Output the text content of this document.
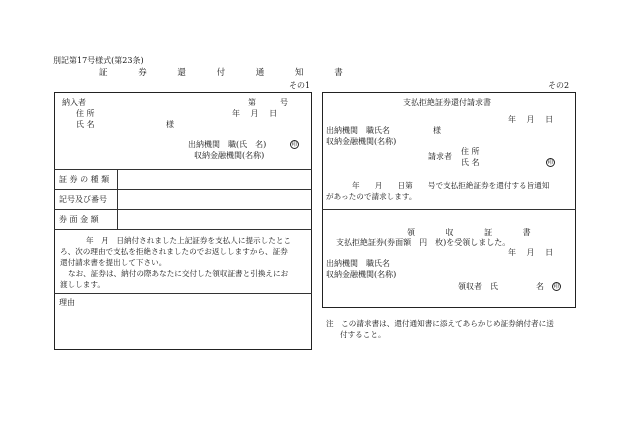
別記第17号様式(第23条)
証 券 還 付 通 知 書
その1	その2
納入者	第　　　号
住 所	年　 月　 日
氏 名	様
出納機関　職(氏　名)	印
収納金融機関(名称)
証 券 の 種 類
記号及び番号
券 面 金 額
年　月　日納付されました上記証券を支払人に提示したとこ
ろ、次の理由で支払を拒絶されましたのでお返ししますから、証券
還付請求書を提出して下さい。
なお、証券は、納付の際あなたに交付した領収証書と引換えにお
渡しします。
理由
支払拒絶証券還付請求書
年　 月　 日
出納機関　職氏名	様
収納金融機関(名称)
住 所
請求者
氏 名	印
年　　月　　日第　　号で支払拒絶証券を還付する旨通知
があったので請求します。
領 収 証 書
支払拒絶証券(券面額　円　枚)を受領しました。
年　 月　 日
出納機関　職氏名
収納金融機関(名称)
領収者　氏	名 印
注　この請求書は、還付通知書に添えてあらかじめ証券納付者に送
付すること。
